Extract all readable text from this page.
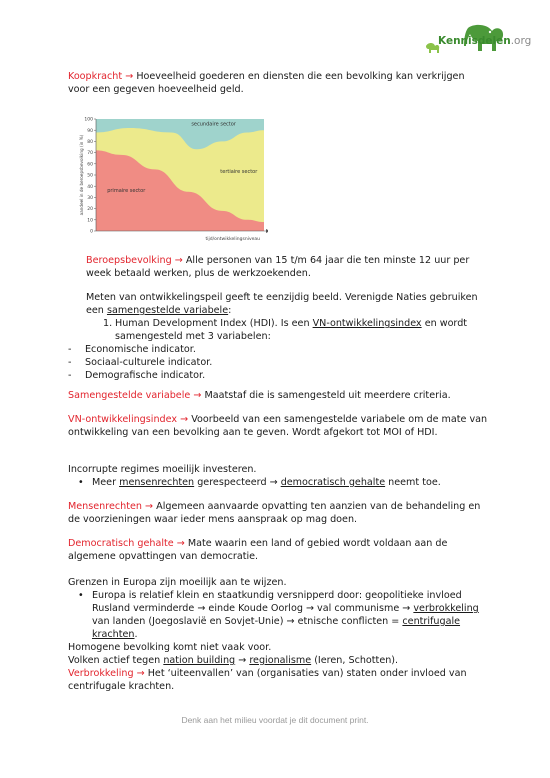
Kennisdelen.org
Koopkracht → Hoeveelheid goederen en diensten die een bevolking kan verkrijgen voor een gegeven hoeveelheid geld.
0
10
20
30
40
50
60
70
80
90
100
aandeel in de beroepsbevolking (in %)
tijd/ontwikkelingsniveau
secundaire sector
tertiaire sector
primaire sector
Beroepsbevolking → Alle personen van 15 t/m 64 jaar die ten minste 12 uur per week betaald werken, plus de werkzoekenden.
Meten van ontwikkelingspeil geeft te eenzijdig beeld. Verenigde Naties gebruiken een samengestelde variabele:
1. Human Development Index (HDI). Is een VN-ontwikkelingsindex en wordt samengesteld met 3 variabelen:
-	Economische indicator.
-	Sociaal-culturele indicator.
-	Demografische indicator.
Samengestelde variabele → Maatstaf die is samengesteld uit meerdere criteria.
VN-ontwikkelingsindex → Voorbeeld van een samengestelde variabele om de mate van ontwikkeling van een bevolking aan te geven. Wordt afgekort tot MOI of HDI.
Incorrupte regimes moeilijk investeren.
• Meer mensenrechten gerespecteerd → democratisch gehalte neemt toe.
Mensenrechten → Algemeen aanvaarde opvatting ten aanzien van de behandeling en de voorzieningen waar ieder mens aanspraak op mag doen.
Democratisch gehalte → Mate waarin een land of gebied wordt voldaan aan de algemene opvattingen van democratie.
Grenzen in Europa zijn moeilijk aan te wijzen.
• Europa is relatief klein en staatkundig versnipperd door: geopolitieke invloed Rusland verminderde → einde Koude Oorlog → val communisme → verbrokkeling van landen (Joegoslavië en Sovjet-Unie) → etnische conflicten = centrifugale krachten.
Homogene bevolking komt niet vaak voor.
Volken actief tegen nation building → regionalisme (Ieren, Schotten).
Verbrokkeling → Het ‘uiteenvallen’ van (organisaties van) staten onder invloed van centrifugale krachten.
Denk aan het milieu voordat je dit document print.
